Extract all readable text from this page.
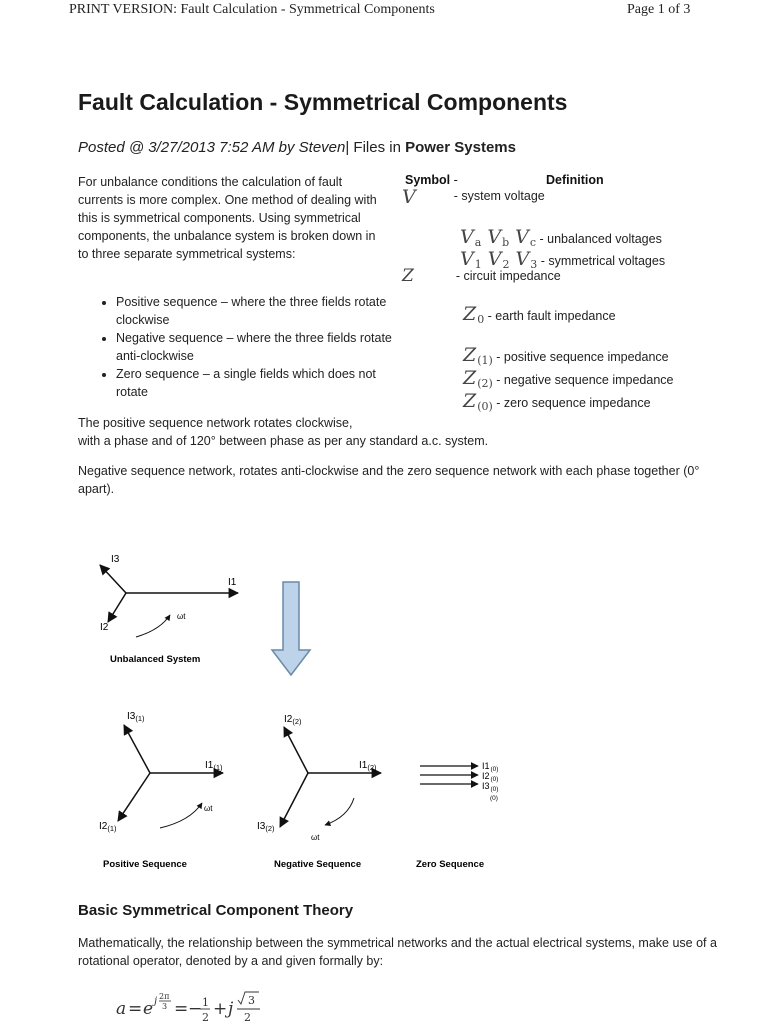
PRINT VERSION: Fault Calculation - Symmetrical Components	Page 1 of 3
Fault Calculation - Symmetrical Components
Posted @ 3/27/2013 7:52 AM by Steven| Files in Power Systems

For unbalance conditions the calculation of fault currents is more complex. One method of dealing with this is symmetrical components. Using symmetrical components, the unbalance system is broken down in to three separate symmetrical systems:

• Positive sequence – where the three fields rotate clockwise
• Negative sequence – where the three fields rotate anti-clockwise
• Zero sequence – a single fields which does not rotate
Symbol -	Definition
V	- system voltage
$V_a$ $V_b$ $V_c$ - unbalanced voltages
$V_1$ $V_2$ $V_3$ - symmetrical voltages
Z	- circuit impedance
$Z_0$ - earth fault impedance
$Z_{(1)}$ - positive sequence impedance
$Z_{(2)}$ - negative sequence impedance
$Z_{(0)}$ - zero sequence impedance

The positive sequence network rotates clockwise,
with a phase and of 120° between phase as per any standard a.c. system.

Negative sequence network, rotates anti-clockwise and the zero sequence network with each phase together (0° apart).

I3
I1
I2
ωt
Unbalanced System
$I3_{(1)}$
$I1_{(1)}$
$I2_{(1)}$
ωt
Positive Sequence
$I2_{(2)}$
$I1_{(2)}$
$I3_{(2)}$
ωt
Negative Sequence
$I1_{(0)}$
$I2_{(0)}$
$I3_{(0)}$
(0)
Zero Sequence
Basic Symmetrical Component Theory

Mathematically, the relationship between the symmetrical networks and the actual electrical systems, make use of a rotational operator, denoted by a and given formally by:

a = e j 2π
3 = − 1
2 + j 3
2
